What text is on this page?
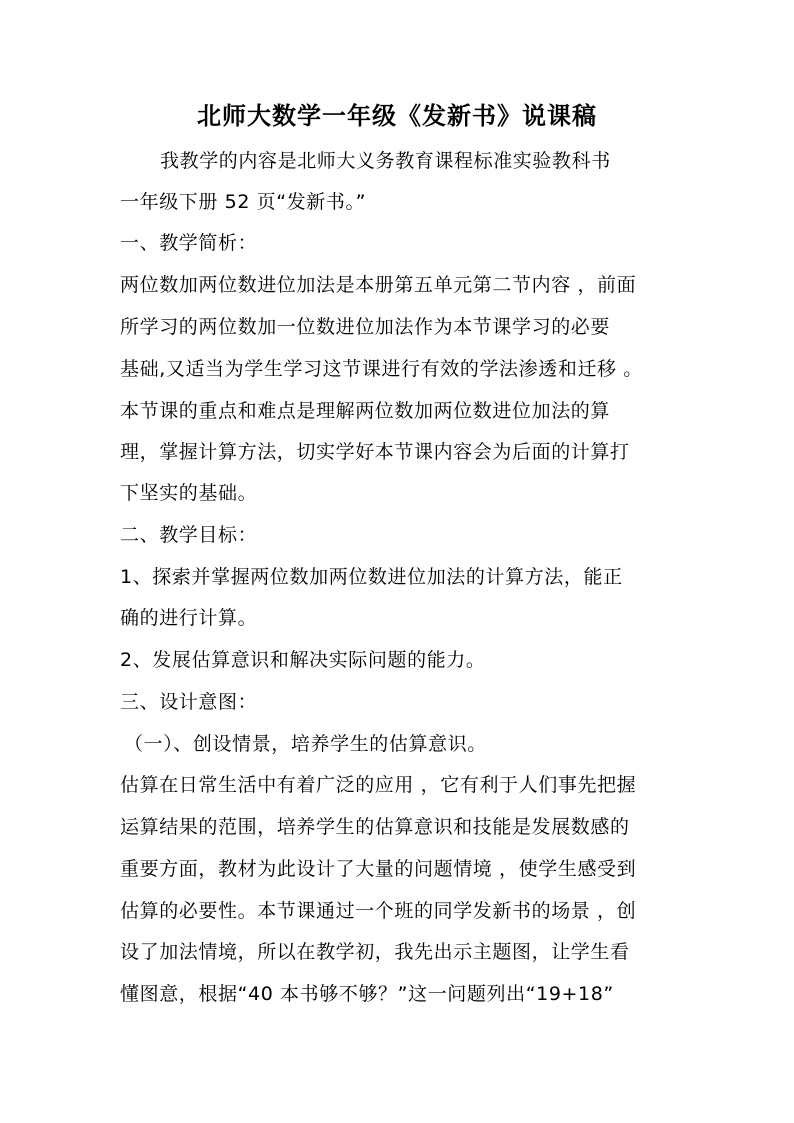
北师大数学一年级《发新书》说课稿
我教学的内容是北师大义务教育课程标准实验教科书
一年级下册 52 页“发新书。”
一、教学简析：
两位数加两位数进位加法是本册第五单元第二节内容 ，前面
所学习的两位数加一位数进位加法作为本节课学习的必要
基础,又适当为学生学习这节课进行有效的学法渗透和迁移 。
本节课的重点和难点是理解两位数加两位数进位加法的算
理，掌握计算方法，切实学好本节课内容会为后面的计算打
下坚实的基础。
二、教学目标：
1、探索并掌握两位数加两位数进位加法的计算方法，能正
确的进行计算。
2、发展估算意识和解决实际问题的能力。
三、设计意图：
（一）、创设情景，培养学生的估算意识。
估算在日常生活中有着广泛的应用 ，它有利于人们事先把握
运算结果的范围，培养学生的估算意识和技能是发展数感的
重要方面，教材为此设计了大量的问题情境 ，使学生感受到
估算的必要性。本节课通过一个班的同学发新书的场景 ，创
设了加法情境，所以在教学初，我先出示主题图，让学生看
懂图意，根据“40 本书够不够？”这一问题列出“19+18”
